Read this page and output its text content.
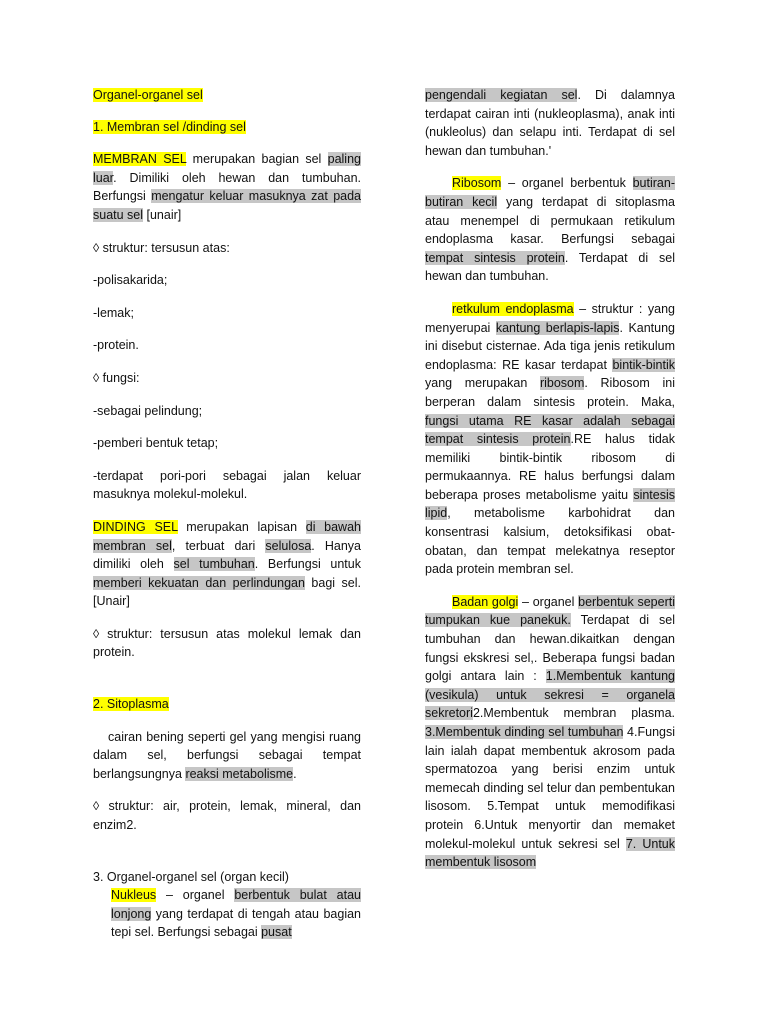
Organel-organel sel

1. Membran sel /dinding sel

MEMBRAN SEL merupakan bagian sel paling luar. Dimiliki oleh hewan dan tumbuhan. Berfungsi mengatur keluar masuknya zat pada suatu sel [unair]

◊ struktur: tersusun atas:

-polisakarida;

-lemak;

-protein.

◊ fungsi:

-sebagai pelindung;

-pemberi bentuk tetap;

-terdapat pori-pori sebagai jalan keluar masuknya molekul-molekul.

DINDING SEL merupakan lapisan di bawah membran sel, terbuat dari selulosa. Hanya dimiliki oleh sel tumbuhan. Berfungsi untuk memberi kekuatan dan perlindungan bagi sel.[Unair]

◊ struktur: tersusun atas molekul lemak dan protein.

2. Sitoplasma

cairan bening seperti gel yang mengisi ruang dalam sel, berfungsi sebagai tempat berlangsungnya reaksi metabolisme.

◊ struktur: air, protein, lemak, mineral, dan enzim2.

3. Organel-organel sel (organ kecil)

Nukleus – organel berbentuk bulat atau lonjong yang terdapat di tengah atau bagian tepi sel. Berfungsi sebagai pusat

pengendali kegiatan sel. Di dalamnya terdapat cairan inti (nukleoplasma), anak inti (nukleolus) dan selapu inti. Terdapat di sel hewan dan tumbuhan.'

Ribosom – organel berbentuk butiran-butiran kecil yang terdapat di sitoplasma atau menempel di permukaan retikulum endoplasma kasar. Berfungsi sebagai tempat sintesis protein. Terdapat di sel hewan dan tumbuhan.

retkulum endoplasma – struktur : yang menyerupai kantung berlapis-lapis. Kantung ini disebut cisternae. Ada tiga jenis retikulum endoplasma: RE kasar terdapat bintik-bintik yang merupakan ribosom. Ribosom ini berperan dalam sintesis protein. Maka, fungsi utama RE kasar adalah sebagai tempat sintesis protein.RE halus tidak memiliki bintik-bintik ribosom di permukaannya. RE halus berfungsi dalam beberapa proses metabolisme yaitu sintesis lipid, metabolisme karbohidrat dan konsentrasi kalsium, detoksifikasi obat-obatan, dan tempat melekatnya reseptor pada protein membran sel.

Badan golgi – organel berbentuk seperti tumpukan kue panekuk. Terdapat di sel tumbuhan dan hewan.dikaitkan dengan fungsi ekskresi sel,. Beberapa fungsi badan golgi antara lain : 1.Membentuk kantung (vesikula) untuk sekresi = organela sekretori2.Membentuk membran plasma. 3.Membentuk dinding sel tumbuhan 4.Fungsi lain ialah dapat membentuk akrosom pada spermatozoa yang berisi enzim untuk memecah dinding sel telur dan pembentukan lisosom. 5.Tempat untuk memodifikasi protein 6.Untuk menyortir dan memaket molekul-molekul untuk sekresi sel 7. Untuk membentuk lisosom
